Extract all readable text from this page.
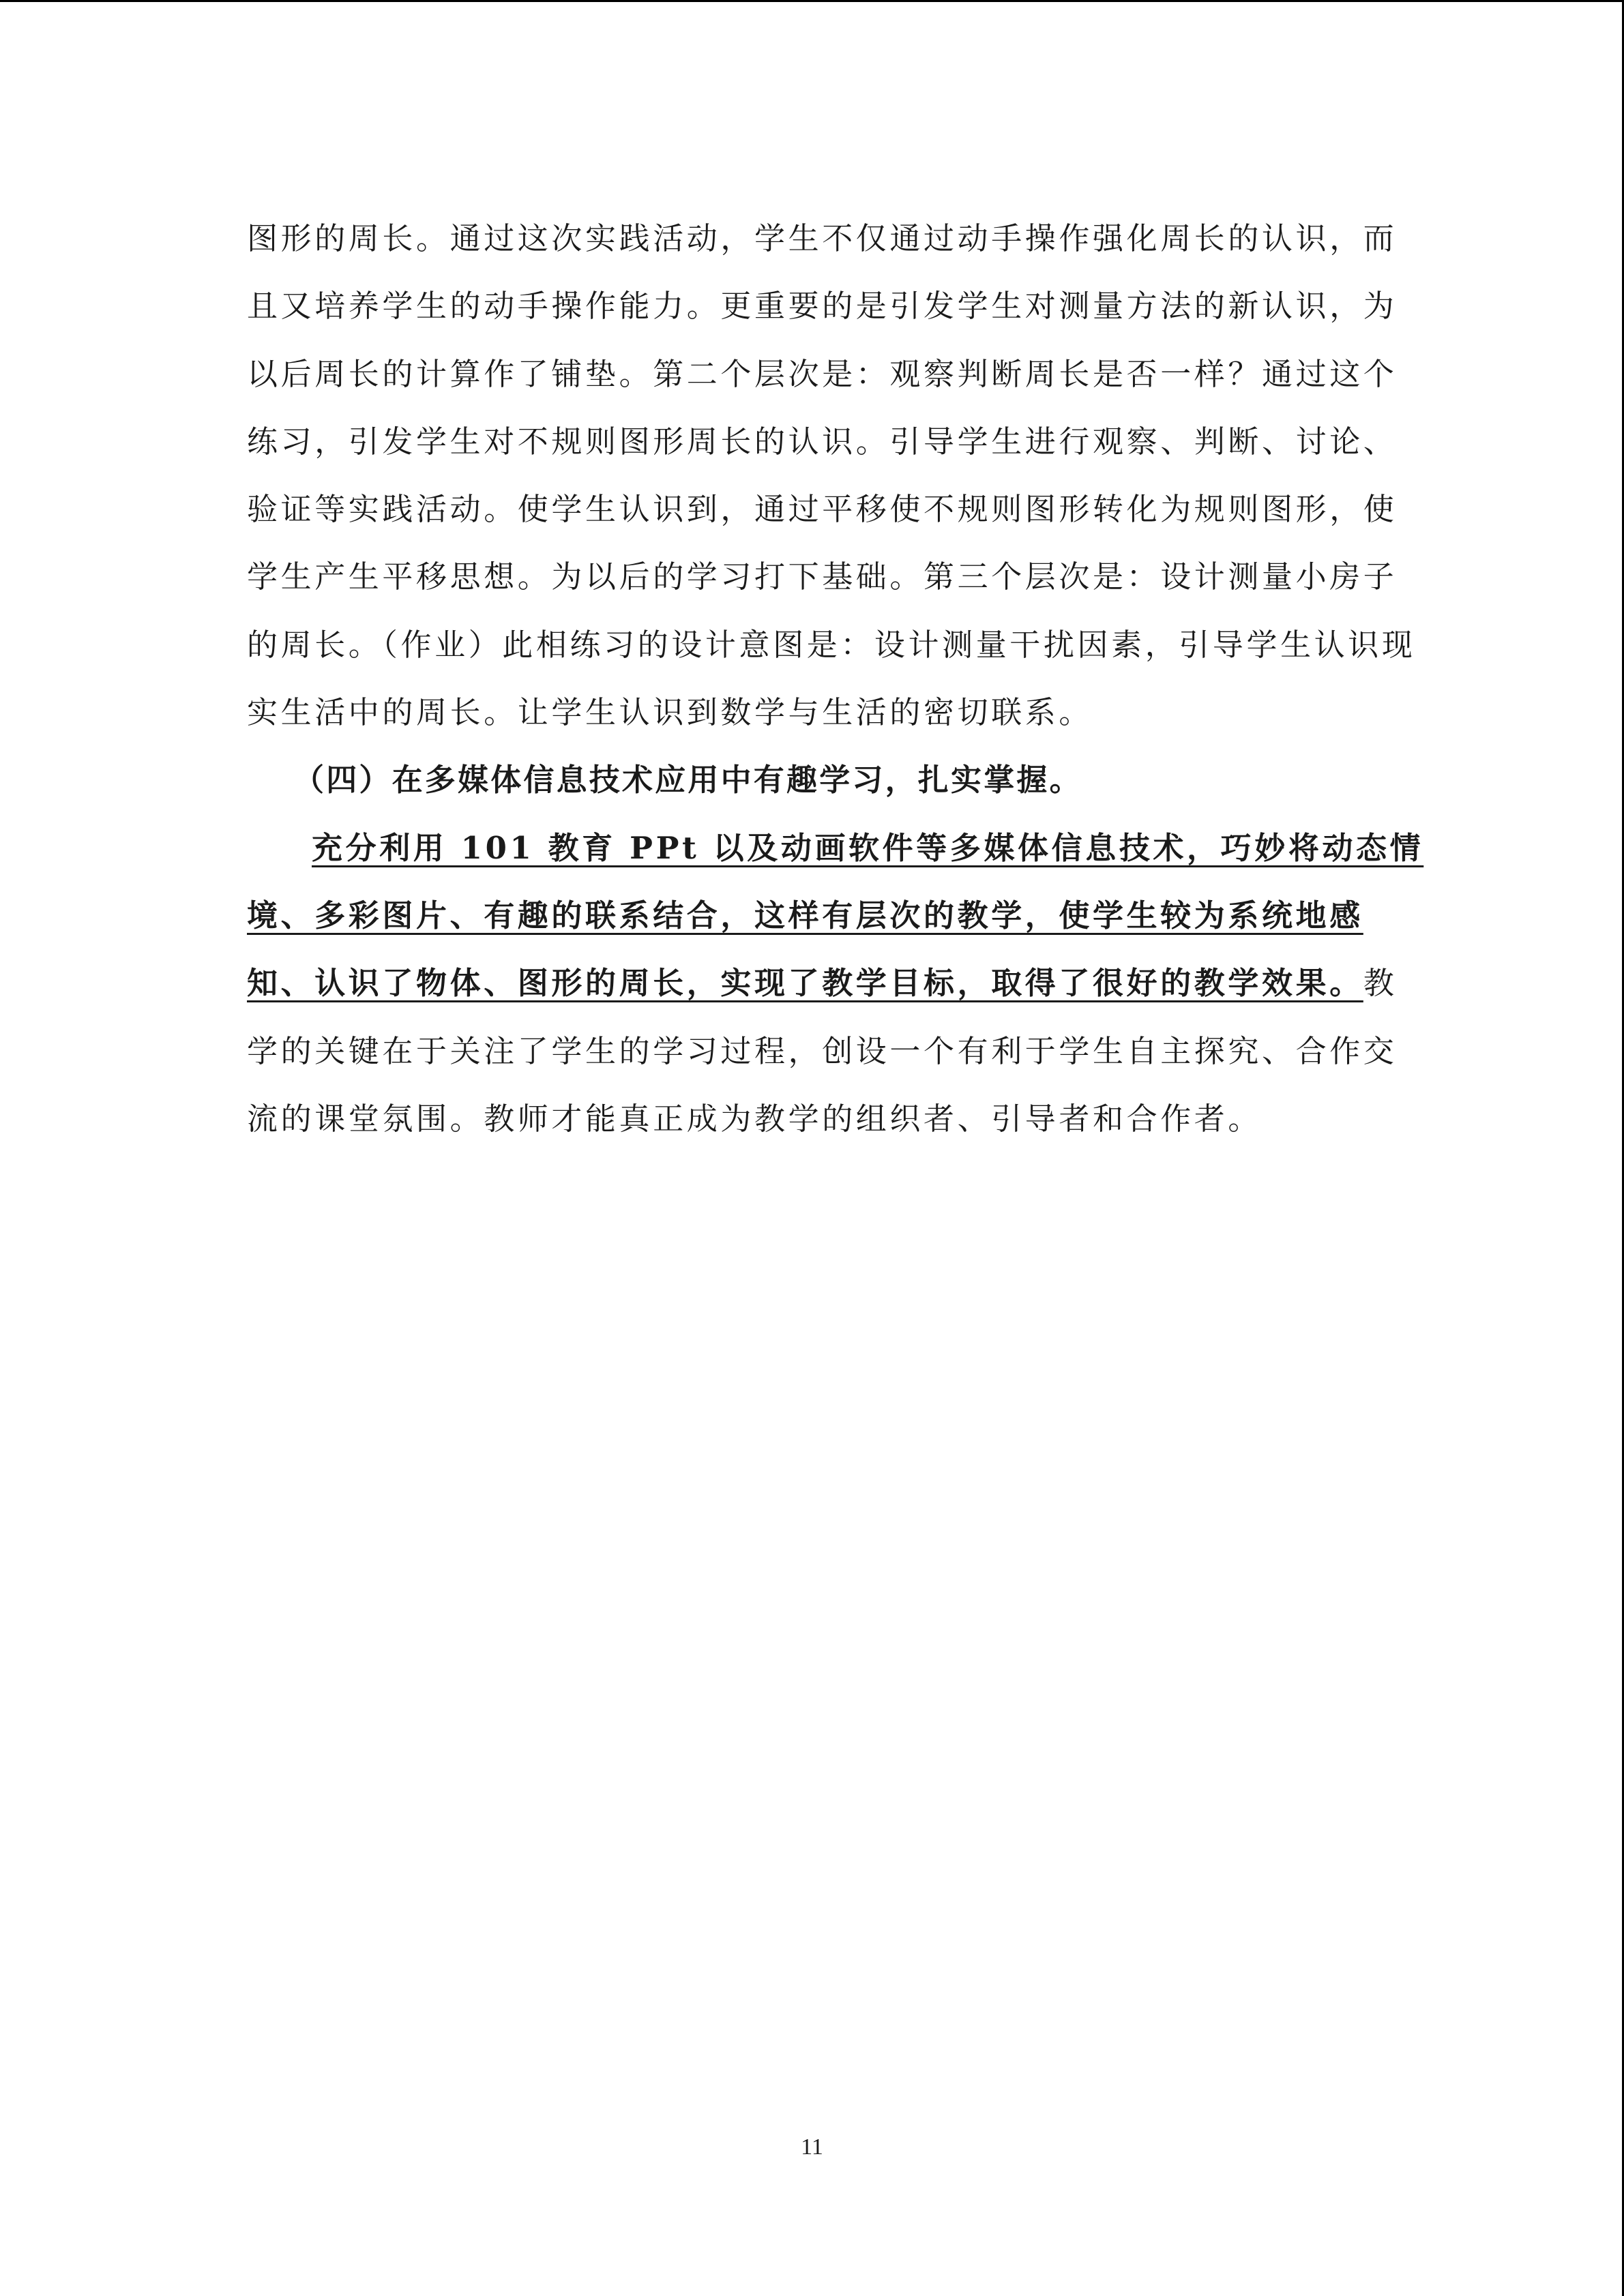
图形的周长。通过这次实践活动，学生不仅通过动手操作强化周长的认识，而
且又培养学生的动手操作能力。更重要的是引发学生对测量方法的新认识，为
以后周长的计算作了铺垫。第二个层次是：观察判断周长是否一样？通过这个
练习，引发学生对不规则图形周长的认识。引导学生进行观察、判断、讨论、
验证等实践活动。使学生认识到，通过平移使不规则图形转化为规则图形，使
学生产生平移思想。为以后的学习打下基础。第三个层次是：设计测量小房子
的周长。（作业）此相练习的设计意图是：设计测量干扰因素，引导学生认识现
实生活中的周长。让学生认识到数学与生活的密切联系。
（四）在多媒体信息技术应用中有趣学习，扎实掌握。
充分利用 101 教育 PPt 以及动画软件等多媒体信息技术，巧妙将动态情
境、多彩图片、有趣的联系结合，这样有层次的教学，使学生较为系统地感
知、认识了物体、图形的周长，实现了教学目标，取得了很好的教学效果。教
学的关键在于关注了学生的学习过程，创设一个有利于学生自主探究、合作交
流的课堂氛围。教师才能真正成为教学的组织者、引导者和合作者。
11
